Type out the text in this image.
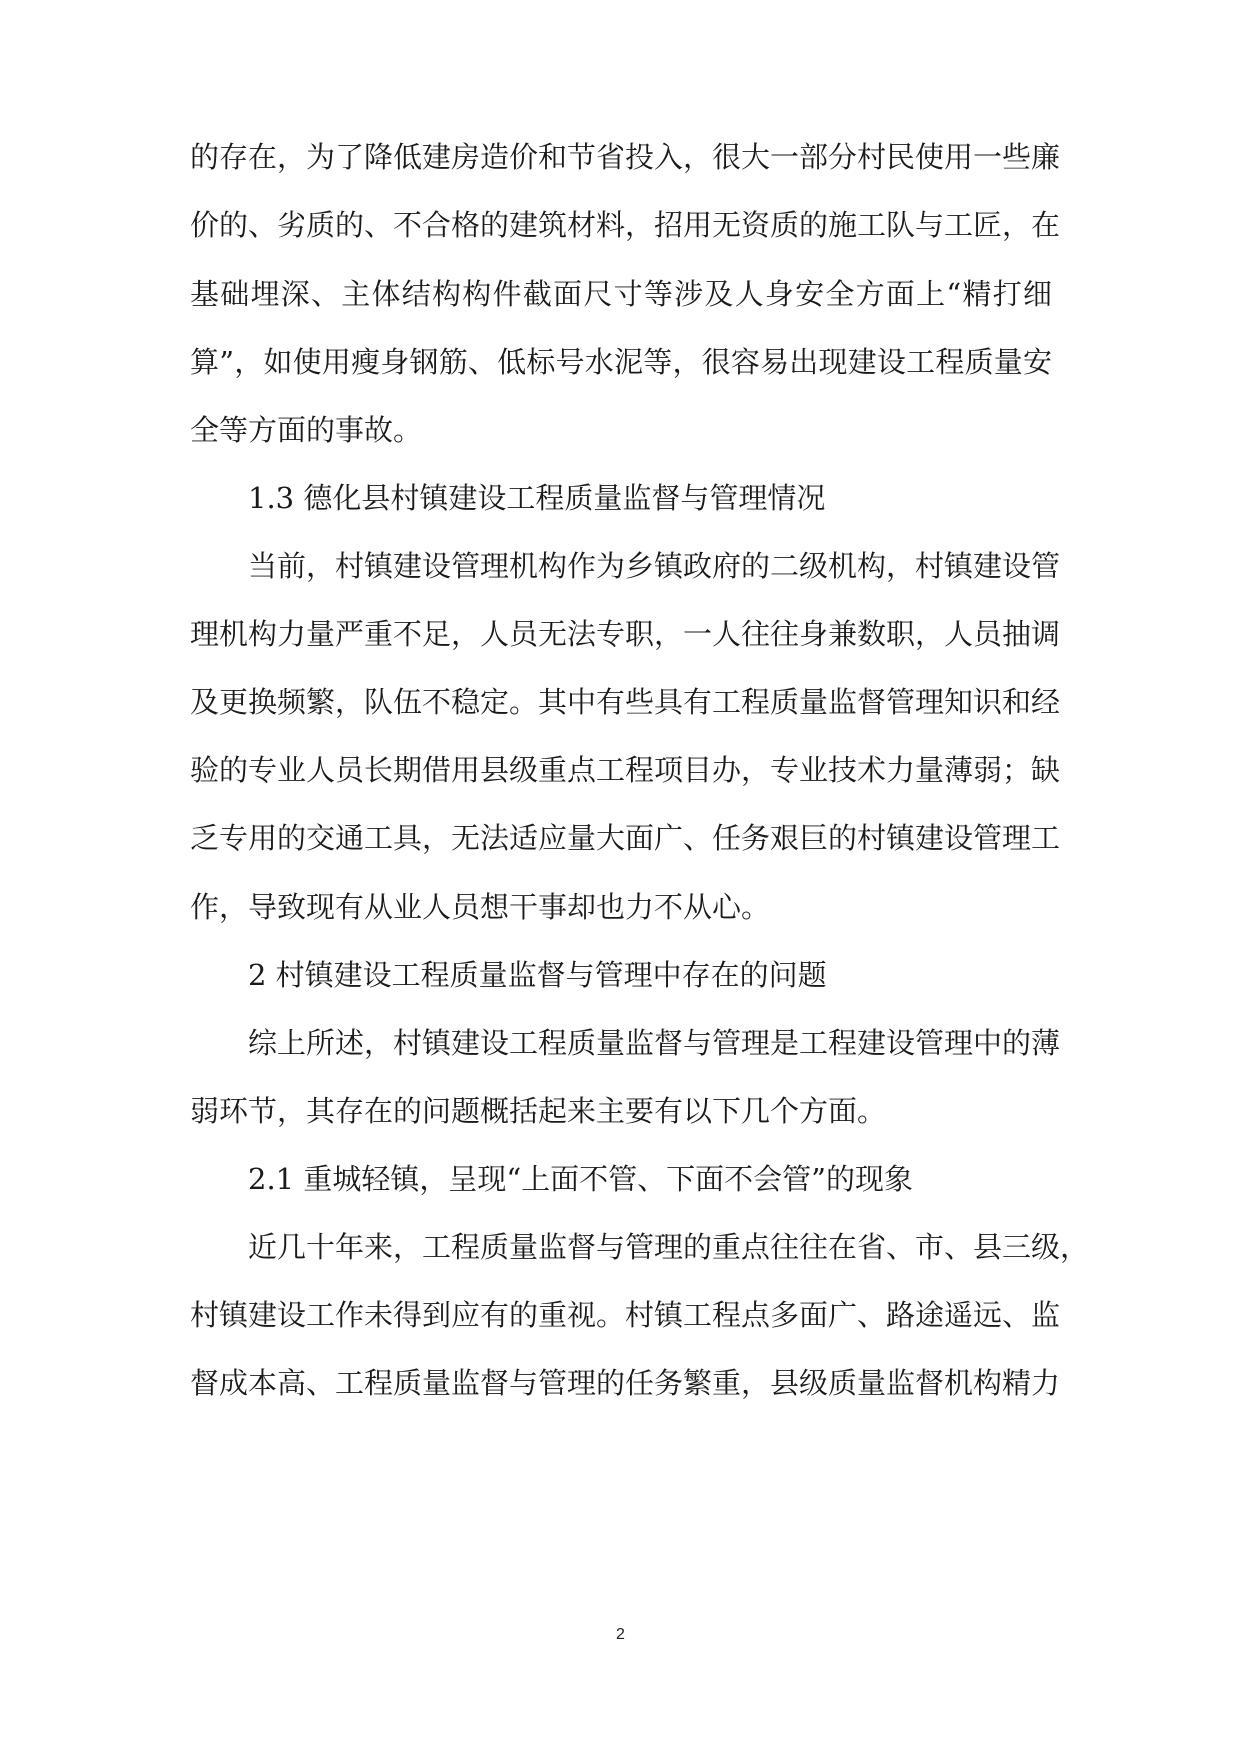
的存在，为了降低建房造价和节省投入，很大一部分村民使用一些廉

价的、劣质的、不合格的建筑材料，招用无资质的施工队与工匠，在

基础埋深、主体结构构件截面尺寸等涉及人身安全方面上“精打细

算”，如使用瘦身钢筋、低标号水泥等，很容易出现建设工程质量安

全等方面的事故。

1.3 德化县村镇建设工程质量监督与管理情况

当前，村镇建设管理机构作为乡镇政府的二级机构，村镇建设管

理机构力量严重不足，人员无法专职，一人往往身兼数职，人员抽调

及更换频繁，队伍不稳定。其中有些具有工程质量监督管理知识和经

验的专业人员长期借用县级重点工程项目办，专业技术力量薄弱；缺

乏专用的交通工具，无法适应量大面广、任务艰巨的村镇建设管理工

作，导致现有从业人员想干事却也力不从心。

2 村镇建设工程质量监督与管理中存在的问题

综上所述，村镇建设工程质量监督与管理是工程建设管理中的薄

弱环节，其存在的问题概括起来主要有以下几个方面。

2.1 重城轻镇，呈现“上面不管、下面不会管”的现象

近几十年来，工程质量监督与管理的重点往往在省、市、县三级，

村镇建设工作未得到应有的重视。村镇工程点多面广、路途遥远、监

督成本高、工程质量监督与管理的任务繁重，县级质量监督机构精力

2
